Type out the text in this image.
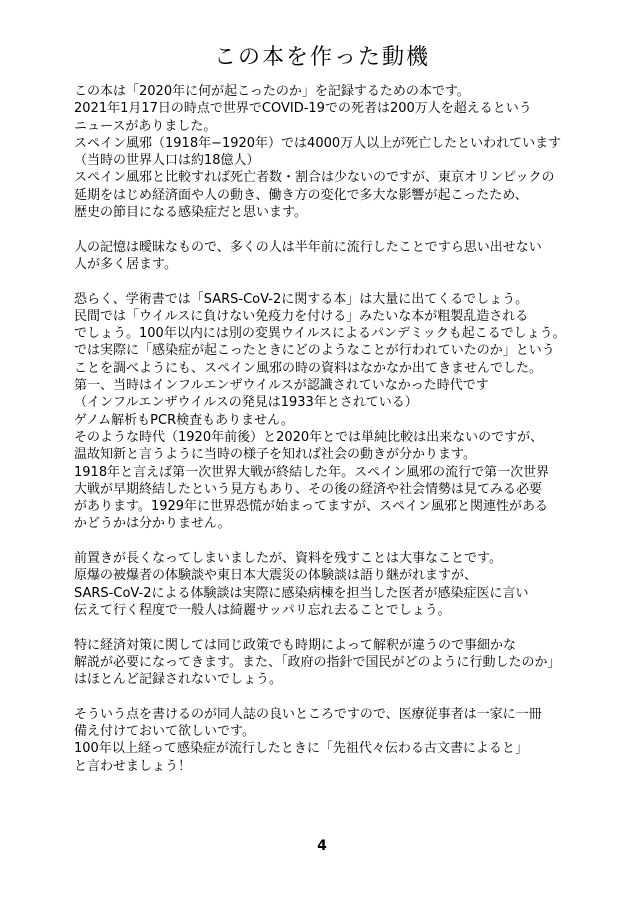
この本を作った動機
この本は「2020年に何が起こったのか」を記録するための本です。
2021年1月17日の時点で世界でCOVID-19での死者は200万人を超えるという
ニュースがありました。
スペイン風邪（1918年−1920年）では4000万人以上が死亡したといわれています
（当時の世界人口は約18億人）
スペイン風邪と比較すれば死亡者数・割合は少ないのですが、東京オリンピックの
延期をはじめ経済面や人の動き、働き方の変化で多大な影響が起こったため、
歴史の節目になる感染症だと思います。
人の記憶は曖昧なもので、多くの人は半年前に流行したことですら思い出せない
人が多く居ます。
恐らく、学術書では「SARS-CoV-2に関する本」は大量に出てくるでしょう。
民間では「ウイルスに負けない免疫力を付ける」みたいな本が粗製乱造される
でしょう。100年以内には別の変異ウイルスによるパンデミックも起こるでしょう。
では実際に「感染症が起こったときにどのようなことが行われていたのか」という
ことを調べようにも、スペイン風邪の時の資料はなかなか出てきませんでした。
第一、当時はインフルエンザウイルスが認識されていなかった時代です
（インフルエンザウイルスの発見は1933年とされている）
ゲノム解析もPCR検査もありません。
そのような時代（1920年前後）と2020年とでは単純比較は出来ないのですが、
温故知新と言うように当時の様子を知れば社会の動きが分かります。
1918年と言えば第一次世界大戦が終結した年。スペイン風邪の流行で第一次世界
大戦が早期終結したという見方もあり、その後の経済や社会情勢は見てみる必要
があります。1929年に世界恐慌が始まってますが、スペイン風邪と関連性がある
かどうかは分かりません。
前置きが長くなってしまいましたが、資料を残すことは大事なことです。
原爆の被爆者の体験談や東日本大震災の体験談は語り継がれますが、
SARS-CoV-2による体験談は実際に感染病棟を担当した医者が感染症医に言い
伝えて行く程度で一般人は綺麗サッパリ忘れ去ることでしょう。
特に経済対策に関しては同じ政策でも時期によって解釈が違うので事細かな
解説が必要になってきます。また、「政府の指針で国民がどのように行動したのか」
はほとんど記録されないでしょう。
そういう点を書けるのが同人誌の良いところですので、医療従事者は一家に一冊
備え付けておいて欲しいです。
100年以上経って感染症が流行したときに「先祖代々伝わる古文書によると」
と言わせましょう！
4
